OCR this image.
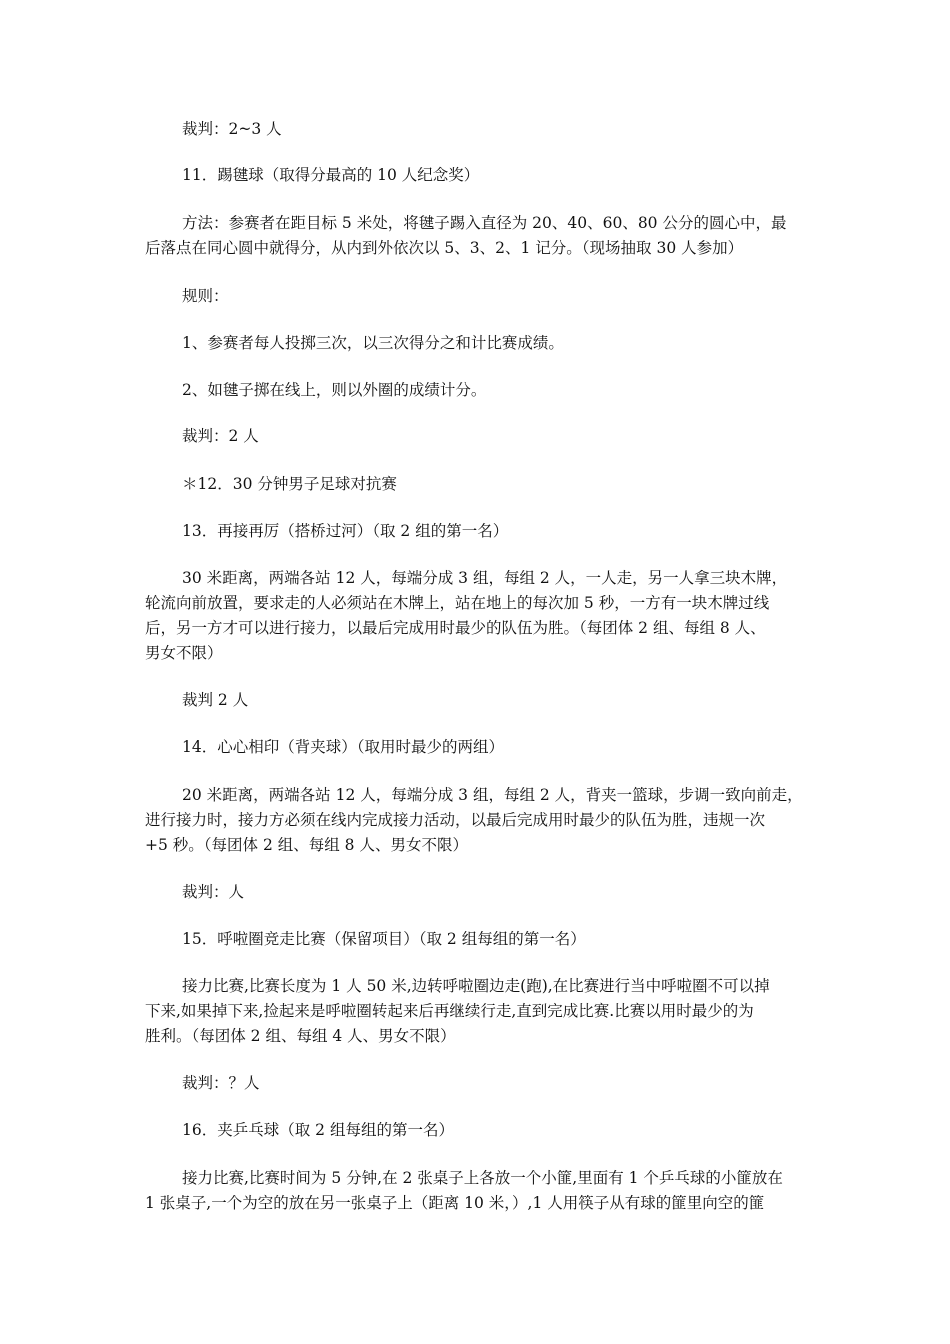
裁判：2~3 人
11．踢毽球（取得分最高的 10 人纪念奖）
方法：参赛者在距目标 5 米处，将毽子踢入直径为 20、40、60、80 公分的圆心中，最
后落点在同心圆中就得分，从内到外依次以 5、3、2、1 记分。（现场抽取 30 人参加）
规则：
1、参赛者每人投掷三次，以三次得分之和计比赛成绩。
2、如毽子掷在线上，则以外圈的成绩计分。
裁判：2 人
＊12．30 分钟男子足球对抗赛
13．再接再厉（搭桥过河）（取 2 组的第一名）
30 米距离，两端各站 12 人，每端分成 3 组，每组 2 人，一人走，另一人拿三块木牌，
轮流向前放置，要求走的人必须站在木牌上，站在地上的每次加 5 秒，一方有一块木牌过线
后，另一方才可以进行接力，以最后完成用时最少的队伍为胜。（每团体 2 组、每组 8 人、
男女不限）
裁判 2 人
14．心心相印（背夹球）（取用时最少的两组）
20 米距离，两端各站 12 人，每端分成 3 组，每组 2 人，背夹一篮球，步调一致向前走，
进行接力时，接力方必须在线内完成接力活动，以最后完成用时最少的队伍为胜，违规一次
+5 秒。（每团体 2 组、每组 8 人、男女不限）
裁判：人
15．呼啦圈竞走比赛（保留项目）（取 2 组每组的第一名）
接力比赛,比赛长度为 1 人 50 米,边转呼啦圈边走(跑),在比赛进行当中呼啦圈不可以掉
下来,如果掉下来,捡起来是呼啦圈转起来后再继续行走,直到完成比赛.比赛以用时最少的为
胜利。（每团体 2 组、每组 4 人、男女不限）
裁判：？人
16．夹乒乓球（取 2 组每组的第一名）
接力比赛,比赛时间为 5 分钟,在 2 张桌子上各放一个小篚,里面有 1 个乒乓球的小篚放在
1 张桌子,一个为空的放在另一张桌子上（距离 10 米，）,1 人用筷子从有球的篚里向空的篚
